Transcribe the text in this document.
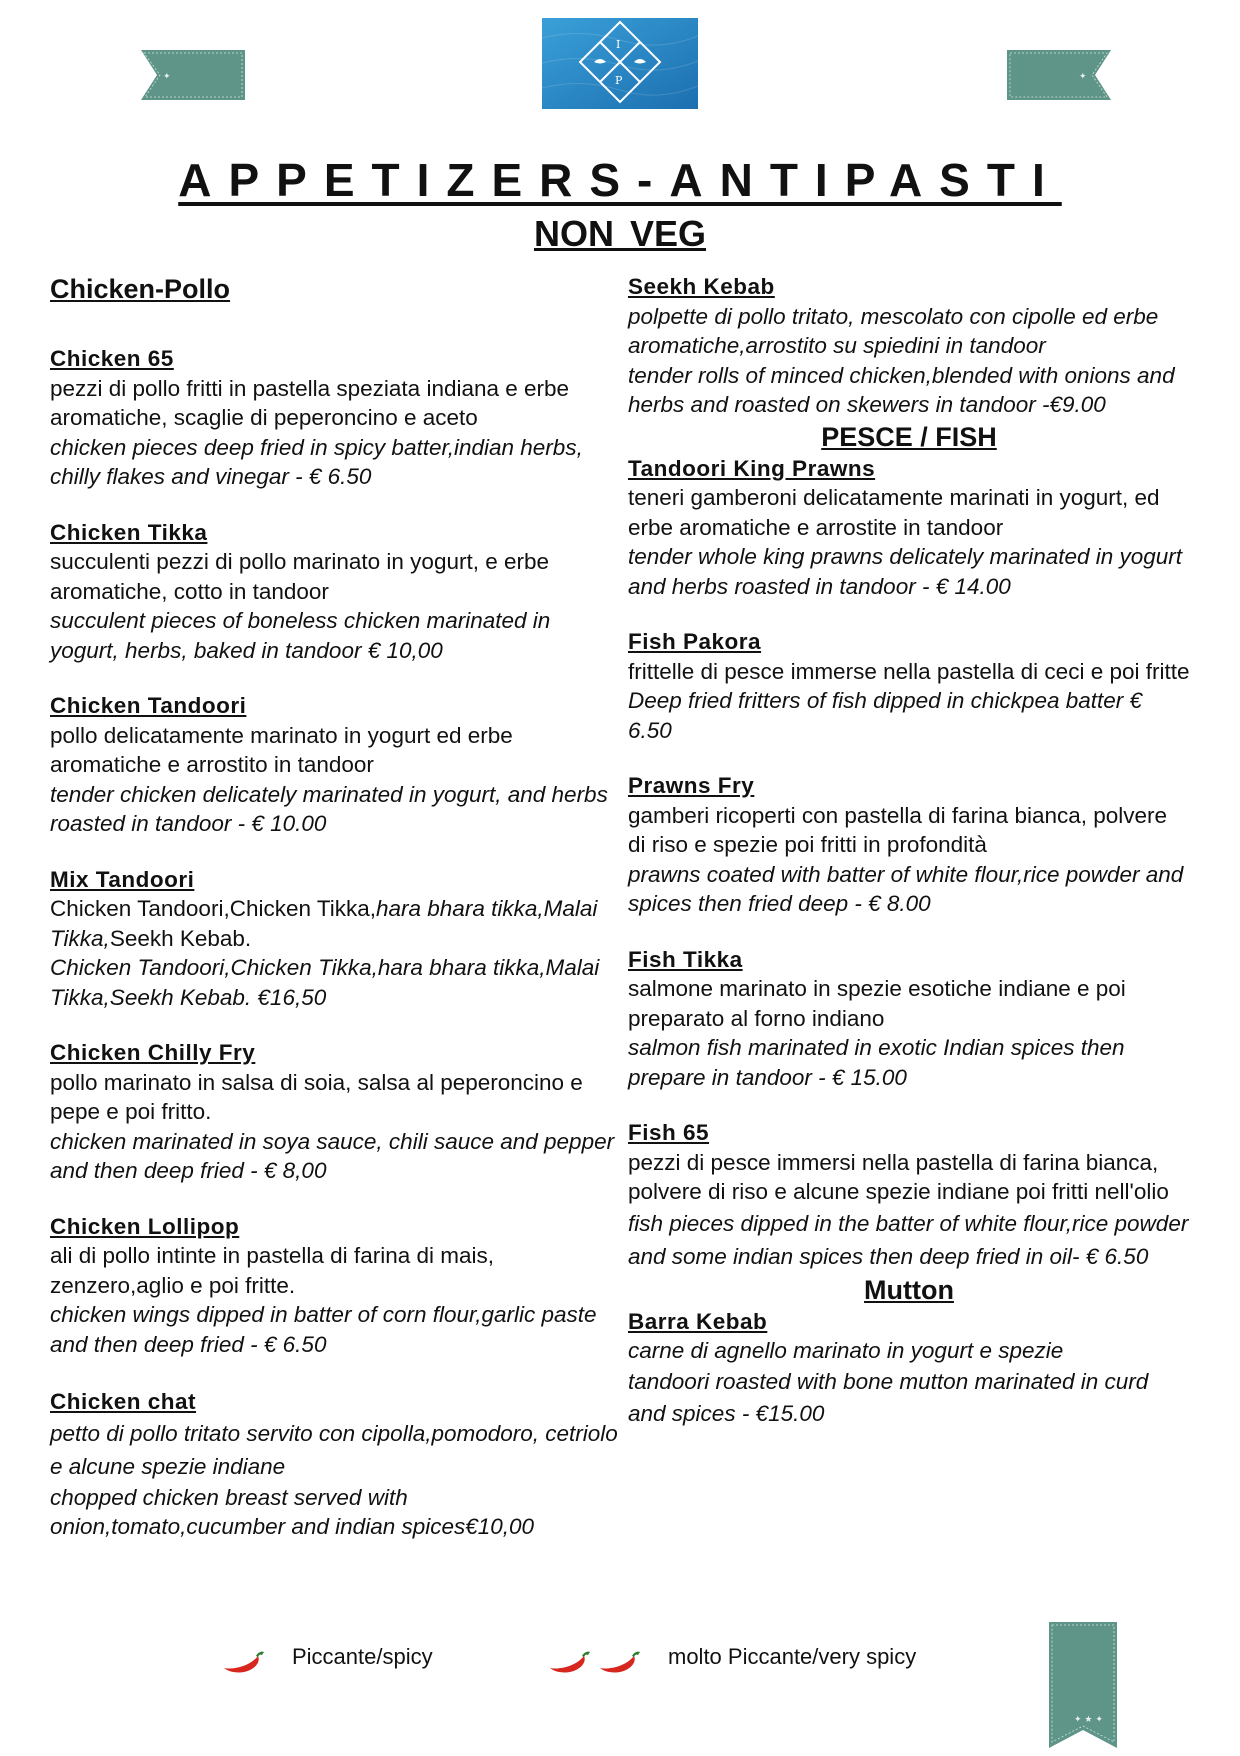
✦	✦
✦ ★ ✦
I
P
APPETIZERS-ANTIPASTI
NON VEG
Chicken-Pollo
Chicken 65
pezzi di pollo fritti in pastella speziata indiana e erbe aromatiche, scaglie di peperoncino e aceto
chicken pieces deep fried in spicy batter,indian herbs, chilly flakes and vinegar - € 6.50
Chicken Tikka
succulenti pezzi di pollo marinato in yogurt, e erbe aromatiche, cotto in tandoor
succulent pieces of boneless chicken marinated in yogurt, herbs, baked in tandoor € 10,00
Chicken Tandoori
pollo delicatamente marinato in yogurt ed erbe aromatiche e arrostito in tandoor
tender chicken delicately marinated in yogurt, and herbs roasted in tandoor - € 10.00
Mix Tandoori
Chicken Tandoori,Chicken Tikka,hara bhara tikka,Malai Tikka,Seekh Kebab.
Chicken Tandoori,Chicken Tikka,hara bhara tikka,Malai Tikka,Seekh Kebab. €16,50
Chicken Chilly Fry
pollo marinato in salsa di soia, salsa al peperoncino e pepe e poi fritto.
chicken marinated in soya sauce, chili sauce and pepper and then deep fried - € 8,00
Chicken Lollipop
ali di pollo intinte in pastella di farina di mais, zenzero,aglio e poi fritte.
chicken wings dipped in batter of corn flour,garlic paste and then deep fried - € 6.50
Chicken chat
petto di pollo tritato servito con cipolla,pomodoro, cetriolo e alcune spezie indiane
chopped chicken breast served with onion,tomato,cucumber and indian spices€10,00
Seekh Kebab
polpette di pollo tritato, mescolato con cipolle ed erbe aromatiche,arrostito su spiedini in tandoor
tender rolls of minced chicken,blended with onions and herbs and roasted on skewers in tandoor -€9.00
PESCE / FISH
Tandoori King Prawns
teneri gamberoni delicatamente marinati in yogurt, ed erbe aromatiche e arrostite in tandoor
tender whole king prawns delicately marinated in yogurt and herbs roasted in tandoor - € 14.00
Fish Pakora
frittelle di pesce immerse nella pastella di ceci e poi fritte
Deep fried fritters of fish dipped in chickpea batter € 6.50
Prawns Fry
gamberi ricoperti con pastella di farina bianca, polvere di riso e spezie poi fritti in profondità
prawns coated with batter of white flour,rice powder and spices then fried deep - € 8.00
Fish Tikka
salmone marinato in spezie esotiche indiane e poi preparato al forno indiano
salmon fish marinated in exotic Indian spices then prepare in tandoor - € 15.00
Fish 65
pezzi di pesce immersi nella pastella di farina bianca, polvere di riso e alcune spezie indiane poi fritti nell'olio
fish pieces dipped in the batter of white flour,rice powder and some indian spices then deep fried in oil- € 6.50
Mutton
Barra Kebab
carne di agnello marinato in yogurt e spezie
tandoori roasted with bone mutton marinated in curd and spices - €15.00
Piccante/spicy	molto Piccante/very spicy
